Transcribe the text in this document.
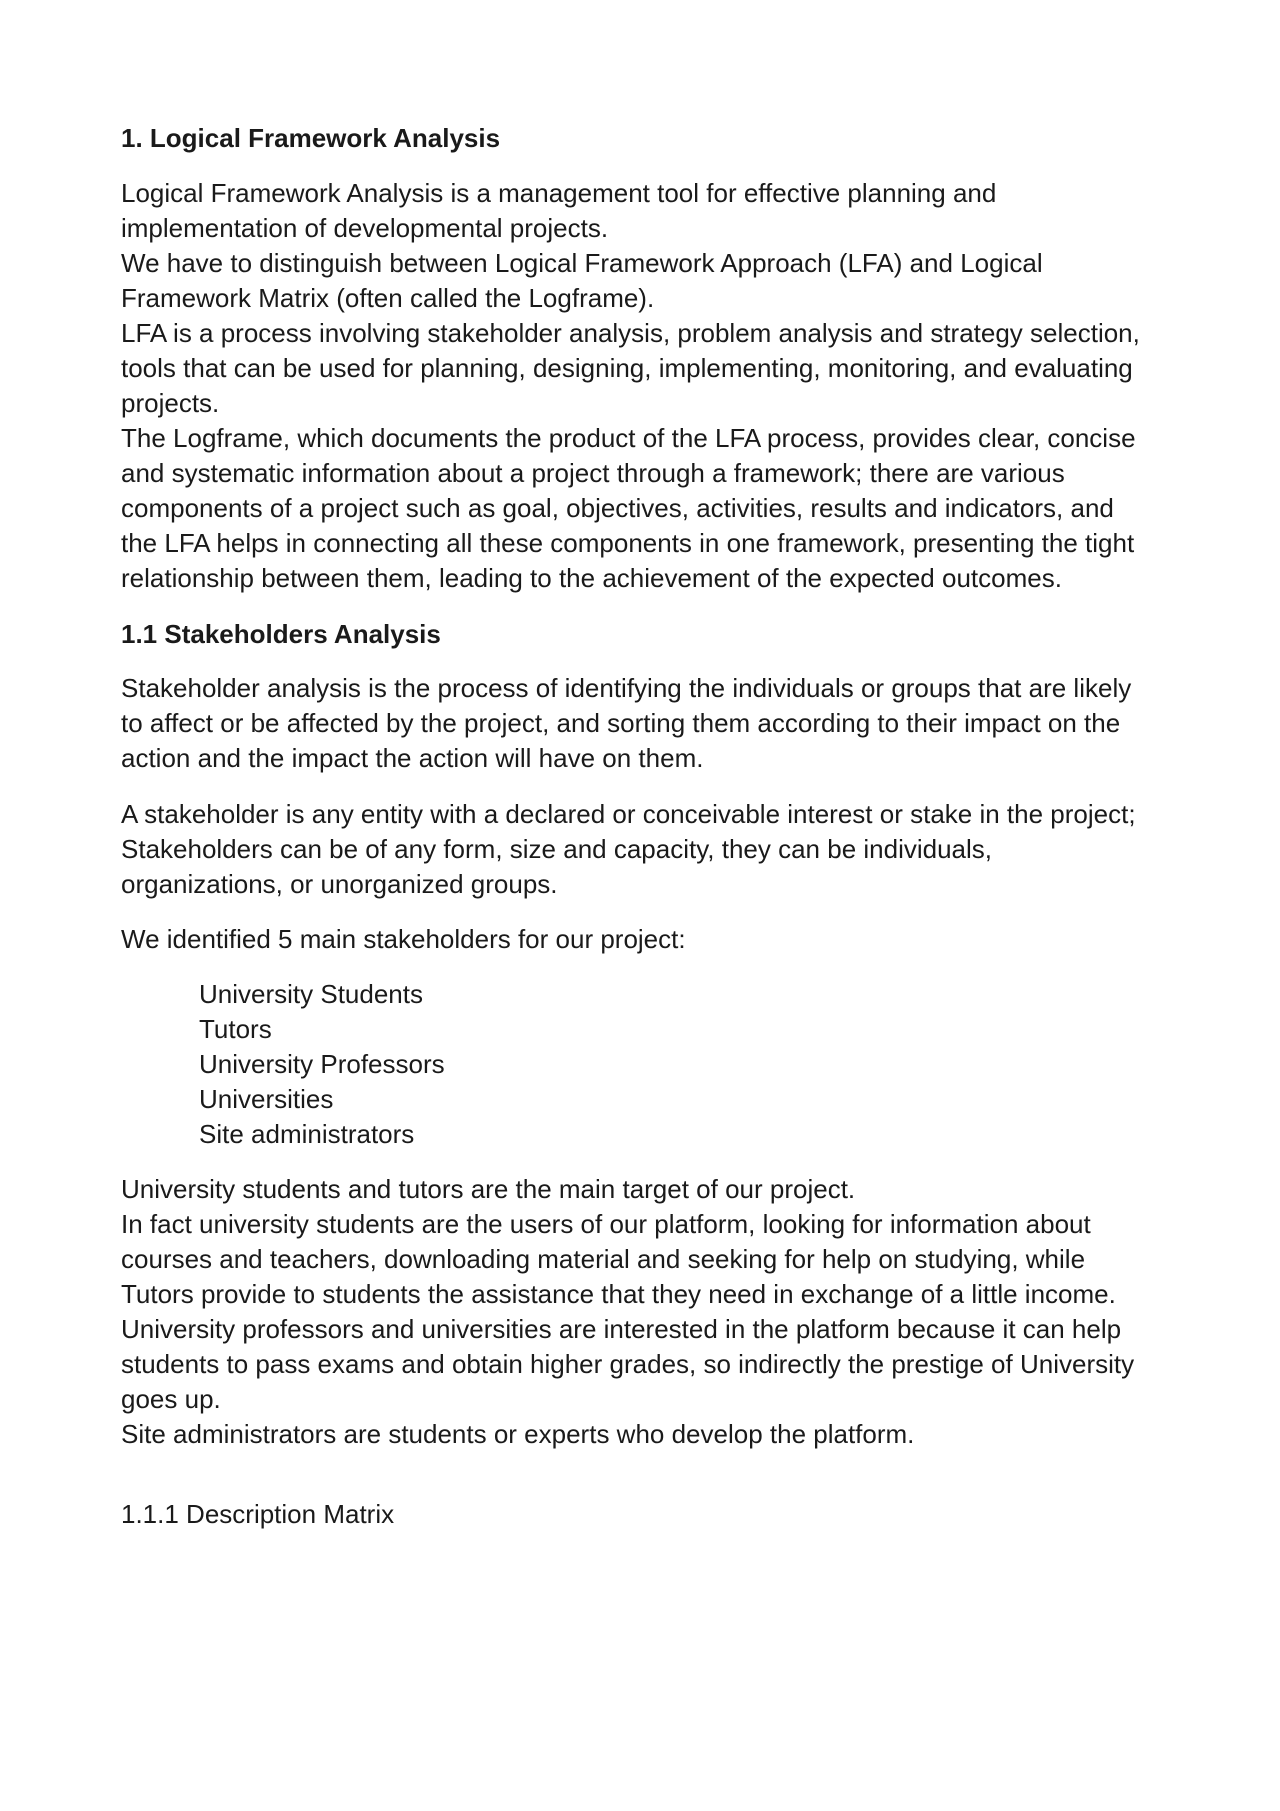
1. Logical Framework Analysis

Logical Framework Analysis is a management tool for effective planning and implementation of developmental projects.

We have to distinguish between Logical Framework Approach (LFA) and Logical Framework Matrix (often called the Logframe).

LFA is a process involving stakeholder analysis, problem analysis and strategy selection, tools that can be used for planning, designing, implementing, monitoring, and evaluating projects.

The Logframe, which documents the product of the LFA process, provides clear, concise and systematic information about a project through a framework; there are various components of a project such as goal, objectives, activities, results and indicators, and the LFA helps in connecting all these components in one framework, presenting the tight relationship between them, leading to the achievement of the expected outcomes.

1.1 Stakeholders Analysis

Stakeholder analysis is the process of identifying the individuals or groups that are likely to affect or be affected by the project, and sorting them according to their impact on the action and the impact the action will have on them.

A stakeholder is any entity with a declared or conceivable interest or stake in the project; Stakeholders can be of any form, size and capacity, they can be individuals, organizations, or unorganized groups.

We identified 5 main stakeholders for our project:

University Students
Tutors
University Professors
Universities
Site administrators

University students and tutors are the main target of our project.

In fact university students are the users of our platform, looking for information about courses and teachers, downloading material and seeking for help on studying, while Tutors provide to students the assistance that they need in exchange of a little income.

University professors and universities are interested in the platform because it can help students to pass exams and obtain higher grades, so indirectly the prestige of University goes up.

Site administrators are students or experts who develop the platform.

1.1.1 Description Matrix
